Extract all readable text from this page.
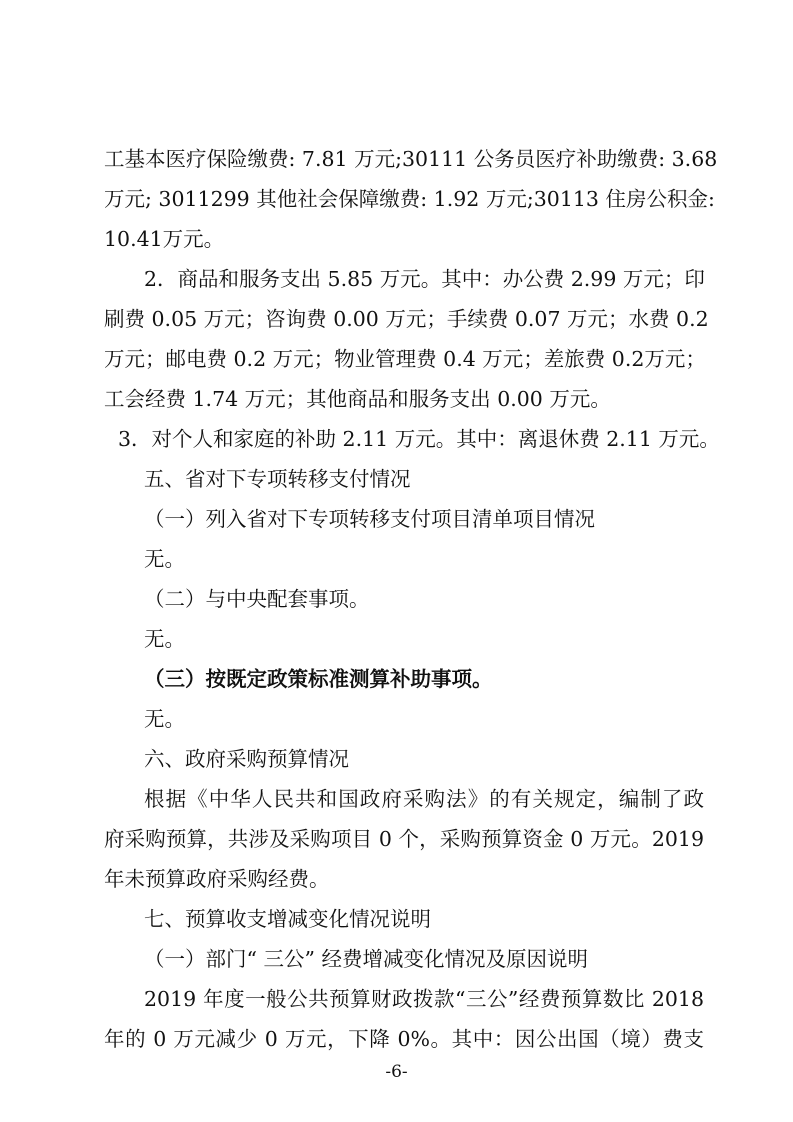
工基本医疗保险缴费: 7.81 万元;30111 公务员医疗补助缴费: 3.68
万元; 3011299 其他社会保障缴费: 1.92 万元;30113 住房公积金:
10.41万元。
2．商品和服务支出 5.85 万元。其中：办公费 2.99 万元；印
刷费 0.05 万元；咨询费 0.00 万元；手续费 0.07 万元；水费 0.2
万元；邮电费 0.2 万元；物业管理费 0.4 万元；差旅费 0.2万元；
工会经费 1.74 万元；其他商品和服务支出 0.00 万元。
3．对个人和家庭的补助 2.11 万元。其中：离退休费 2.11 万元。
五、省对下专项转移支付情况
（一）列入省对下专项转移支付项目清单项目情况
无。
（二）与中央配套事项。
无。
（三）按既定政策标准测算补助事项。
无。
六、政府采购预算情况
根据《中华人民共和国政府采购法》的有关规定，编制了政
府采购预算，共涉及采购项目 0 个，采购预算资金 0 万元。2019
年未预算政府采购经费。
七、预算收支增减变化情况说明
（一）部门“ 三公” 经费增减变化情况及原因说明
2019 年度一般公共预算财政拨款“三公”经费预算数比 2018
年的 0 万元减少 0 万元，下降 0%。其中：因公出国（境）费支
-6-
